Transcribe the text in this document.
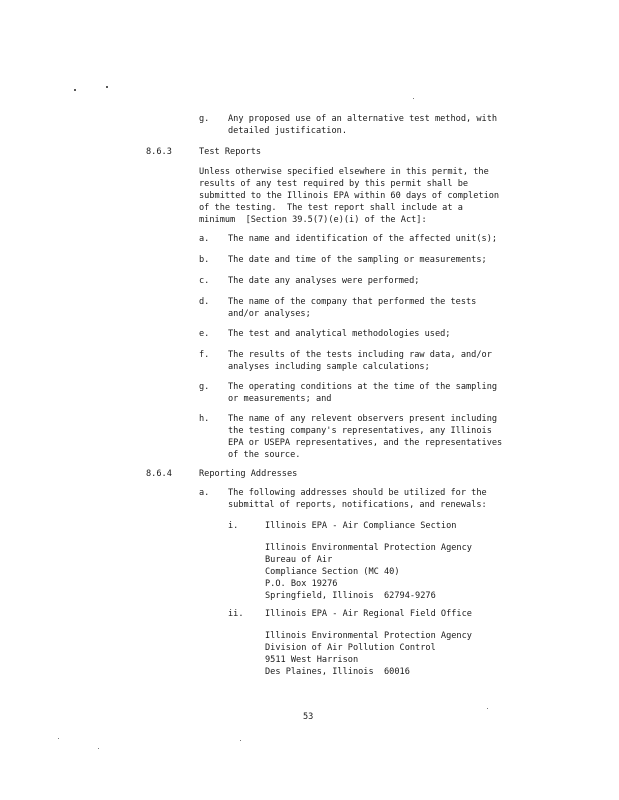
g. Any proposed use of an alternative test method, with
detailed justification.
8.6.3	Test Reports
Unless otherwise specified elsewhere in this permit, the
results of any test required by this permit shall be
submitted to the Illinois EPA within 60 days of completion
of the testing.  The test report shall include at a
minimum  [Section 39.5(7)(e)(i) of the Act]:
a. The name and identification of the affected unit(s);
b. The date and time of the sampling or measurements;
c. The date any analyses were performed;
d. The name of the company that performed the tests
and/or analyses;
e. The test and analytical methodologies used;
f. The results of the tests including raw data, and/or
analyses including sample calculations;
g. The operating conditions at the time of the sampling
or measurements; and
h. The name of any relevent observers present including
the testing company's representatives, any Illinois
EPA or USEPA representatives, and the representatives
of the source.
8.6.4	Reporting Addresses
a. The following addresses should be utilized for the
submittal of reports, notifications, and renewals:
i.	Illinois EPA - Air Compliance Section
Illinois Environmental Protection Agency
Bureau of Air
Compliance Section (MC 40)
P.O. Box 19276
Springfield, Illinois  62794-9276
ii. Illinois EPA - Air Regional Field Office
Illinois Environmental Protection Agency
Division of Air Pollution Control
9511 West Harrison
Des Plaines, Illinois  60016
53
